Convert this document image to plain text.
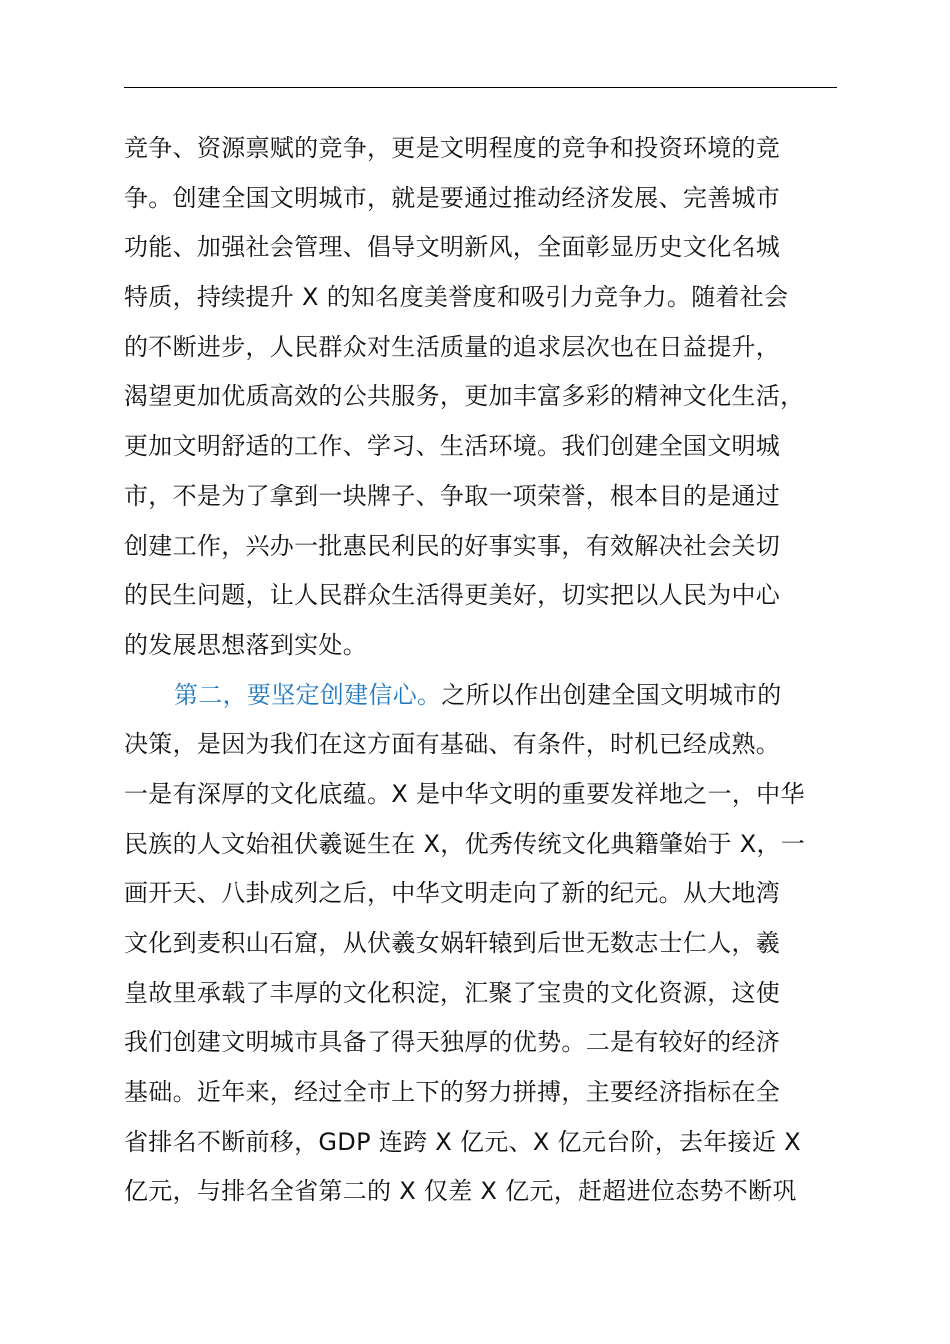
竞争、资源禀赋的竞争，更是文明程度的竞争和投资环境的竞
争。创建全国文明城市，就是要通过推动经济发展、完善城市
功能、加强社会管理、倡导文明新风，全面彰显历史文化名城
特质，持续提升 X 的知名度美誉度和吸引力竞争力。随着社会
的不断进步，人民群众对生活质量的追求层次也在日益提升，
渴望更加优质高效的公共服务，更加丰富多彩的精神文化生活，
更加文明舒适的工作、学习、生活环境。我们创建全国文明城
市，不是为了拿到一块牌子、争取一项荣誉，根本目的是通过
创建工作，兴办一批惠民利民的好事实事，有效解决社会关切
的民生问题，让人民群众生活得更美好，切实把以人民为中心
的发展思想落到实处。
第二，要坚定创建信心。之所以作出创建全国文明城市的
决策，是因为我们在这方面有基础、有条件，时机已经成熟。
一是有深厚的文化底蕴。X 是中华文明的重要发祥地之一，中华
民族的人文始祖伏羲诞生在 X，优秀传统文化典籍肇始于 X，一
画开天、八卦成列之后，中华文明走向了新的纪元。从大地湾
文化到麦积山石窟，从伏羲女娲轩辕到后世无数志士仁人，羲
皇故里承载了丰厚的文化积淀，汇聚了宝贵的文化资源，这使
我们创建文明城市具备了得天独厚的优势。二是有较好的经济
基础。近年来，经过全市上下的努力拼搏，主要经济指标在全
省排名不断前移，GDP 连跨 X 亿元、X 亿元台阶，去年接近 X
亿元，与排名全省第二的 X 仅差 X 亿元，赶超进位态势不断巩
